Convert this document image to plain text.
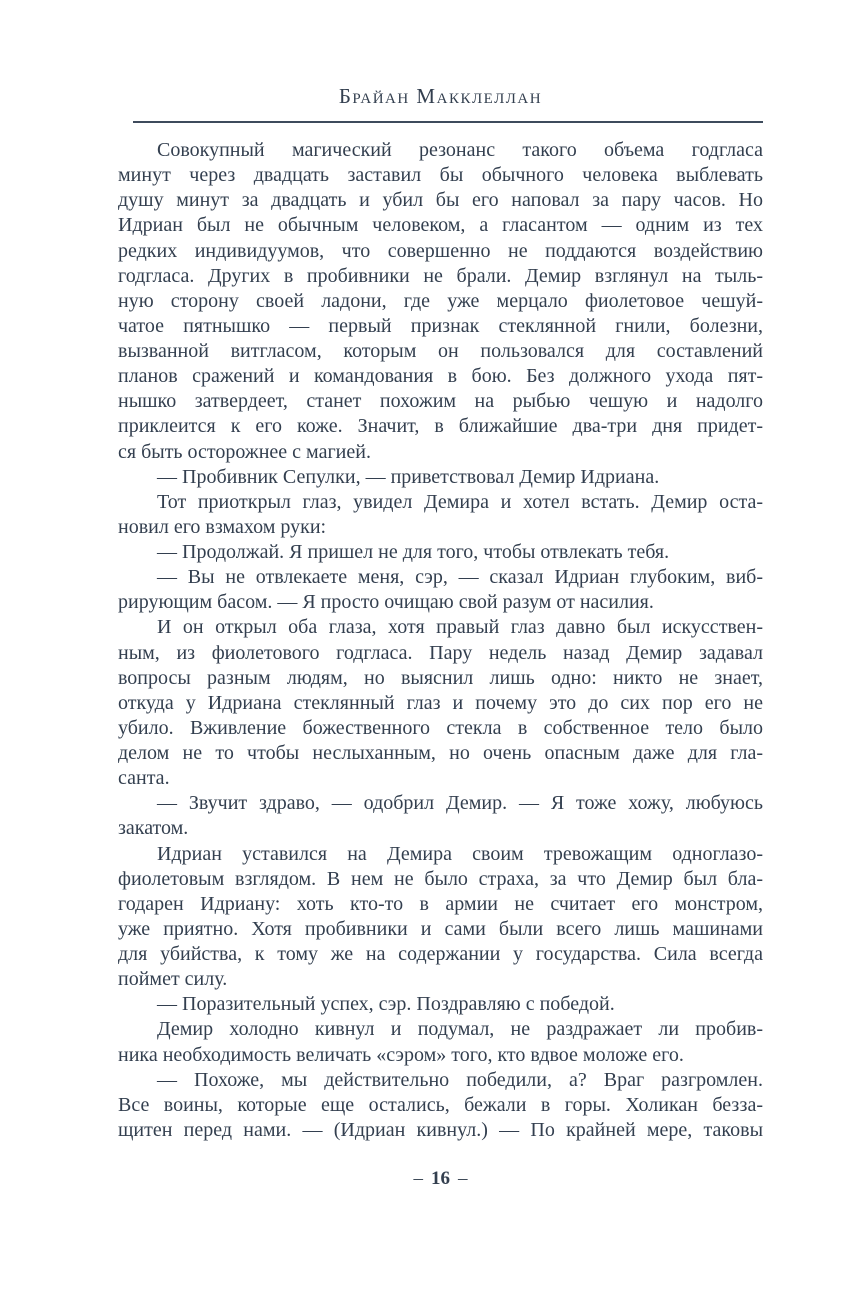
Брайан Макклеллан
Совокупный магический резонанс такого объема годгласа
минут через двадцать заставил бы обычного человека выблевать
душу минут за двадцать и убил бы его наповал за пару часов. Но
Идриан был не обычным человеком, а гласантом — одним из тех
редких индивидуумов, что совершенно не поддаются воздействию
годгласа. Других в пробивники не брали. Демир взглянул на тыль-
ную сторону своей ладони, где уже мерцало фиолетовое чешуй-
чатое пятнышко — первый признак стеклянной гнили, болезни,
вызванной витгласом, которым он пользовался для составлений
планов сражений и командования в бою. Без должного ухода пят-
нышко затвердеет, станет похожим на рыбью чешую и надолго
приклеится к его коже. Значит, в ближайшие два-три дня придет-
ся быть осторожнее с магией.
— Пробивник Сепулки, — приветствовал Демир Идриана.
Тот приоткрыл глаз, увидел Демира и хотел встать. Демир оста-
новил его взмахом руки:
— Продолжай. Я пришел не для того, чтобы отвлекать тебя.
— Вы не отвлекаете меня, сэр, — сказал Идриан глубоким, виб-
рирующим басом. — Я просто очищаю свой разум от насилия.
И он открыл оба глаза, хотя правый глаз давно был искусствен-
ным, из фиолетового годгласа. Пару недель назад Демир задавал
вопросы разным людям, но выяснил лишь одно: никто не знает,
откуда у Идриана стеклянный глаз и почему это до сих пор его не
убило. Вживление божественного стекла в собственное тело было
делом не то чтобы неслыханным, но очень опасным даже для гла-
санта.
— Звучит здраво, — одобрил Демир. — Я тоже хожу, любуюсь
закатом.
Идриан уставился на Демира своим тревожащим одноглазо-
фиолетовым взглядом. В нем не было страха, за что Демир был бла-
годарен Идриану: хоть кто-то в армии не считает его монстром,
уже приятно. Хотя пробивники и сами были всего лишь машинами
для убийства, к тому же на содержании у государства. Сила всегда
поймет силу.
— Поразительный успех, сэр. Поздравляю с победой.
Демир холодно кивнул и подумал, не раздражает ли пробив-
ника необходимость величать «сэром» того, кто вдвое моложе его.
— Похоже, мы действительно победили, а? Враг разгромлен.
Все воины, которые еще остались, бежали в горы. Холикан безза-
щитен перед нами. — (Идриан кивнул.) — По крайней мере, таковы
– 16 –
